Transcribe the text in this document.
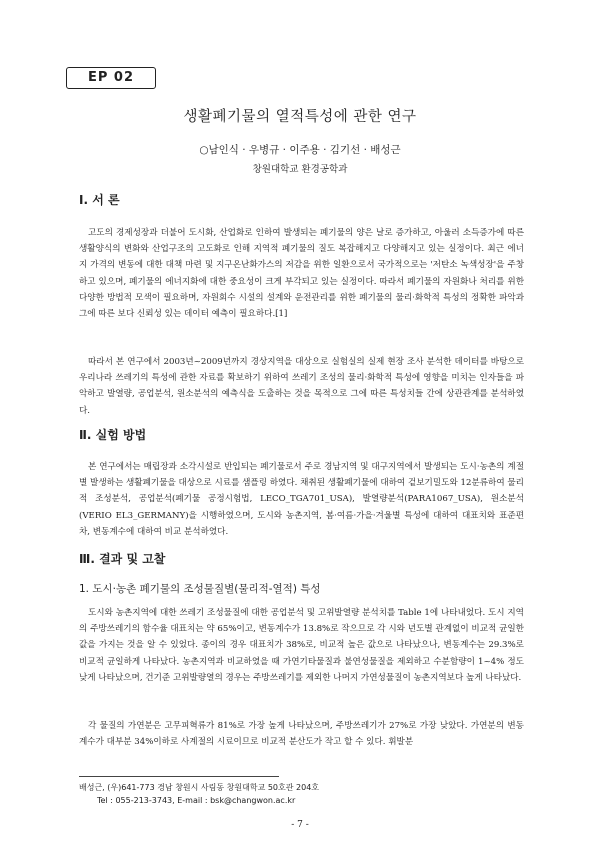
EP 02
생활폐기물의 열적특성에 관한 연구
○남인식 · 우병규 · 이주용 · 김기선 · 배성근
창원대학교 환경공학과
Ⅰ. 서 론

고도의 경제성장과 더불어 도시화, 산업화로 인하여 발생되는 폐기물의 양은 날로 증가하고, 아울러 소득증가에 따른 생활양식의 변화와 산업구조의 고도화로 인해 지역적 폐기물의 질도 복잡해지고 다양해지고 있는 실정이다. 최근 에너지 가격의 변동에 대한 대책 마련 및 지구온난화가스의 저감을 위한 일환으로서 국가적으로는 '저탄소 녹색성장'을 주창하고 있으며, 폐기물의 에너지화에 대한 중요성이 크게 부각되고 있는 실정이다. 따라서 폐기물의 자원화나 처리를 위한 다양한 방법적 모색이 필요하며, 자원회수 시설의 설계와 운전관리를 위한 폐기물의 물리·화학적 특성의 정확한 파악과 그에 따른 보다 신뢰성 있는 데이터 예측이 필요하다.[1]

따라서 본 연구에서 2003년~2009년까지 경상지역을 대상으로 실험실의 실제 현장 조사 분석한 데이터를 바탕으로 우리나라 쓰레기의 특성에 관한 자료를 확보하기 위하여 쓰레기 조성의 물리·화학적 특성에 영향을 미치는 인자들을 파악하고 발열량, 공업분석, 원소분석의 예측식을 도출하는 것을 목적으로 그에 따른 특성치들 간에 상관관계를 분석하였다.

Ⅱ. 실험 방법

본 연구에서는 매립장과 소각시설로 반입되는 폐기물로서 주로 경남지역 및 대구지역에서 발생되는 도시·농촌의 계절별 발생하는 생활폐기물을 대상으로 시료를 샘플링 하였다. 채취된 생활폐기물에 대하여 겉보기밀도와 12분류하여 물리적 조성분석, 공업분석(폐기물 공정시험법, LECO_TGA701_USA), 발열량분석(PARA1067_USA), 원소분석(VERIO EL3_GERMANY)을 시행하였으며, 도시와 농촌지역, 봄·여름·가을·겨울별 특성에 대하여 대표치와 표준편차, 변동계수에 대하여 비교 분석하였다.

Ⅲ. 결과 및 고찰
1. 도시·농촌 폐기물의 조성물질별(물리적-열적) 특성

도시와 농촌지역에 대한 쓰레기 조성물질에 대한 공업분석 및 고위발열량 분석치를 Table 1에 나타내었다. 도시 지역의 주방쓰레기의 함수율 대표치는 약 65%이고, 변동계수가 13.8%로 작으므로 각 시와 년도별 관계없이 비교적 균일한 값을 가지는 것을 알 수 있었다. 종이의 경우 대표치가 38%로, 비교적 높은 값으로 나타났으나, 변동계수는 29.3%로 비교적 균일하게 나타났다. 농촌지역과 비교하였을 때 가연기타물질과 불연성물질을 제외하고 수분함량이 1~4% 정도 낮게 나타났으며, 건기준 고위발량열의 경우는 주방쓰레기를 제외한 나머지 가연성물질이 농촌지역보다 높게 나타났다.

각 물질의 가연분은 고무피혁류가 81%로 가장 높게 나타났으며, 주방쓰레기가 27%로 가장 낮았다. 가연분의 변동계수가 대부분 34%이하로 사계절의 시료이므로 비교적 분산도가 작고 할 수 있다. 휘발분

배성근, (우)641-773 경남 창원시 사림동 창원대학교 50호관 204호
Tel : 055-213-3743, E-mail : bsk@changwon.ac.kr
- 7 -
